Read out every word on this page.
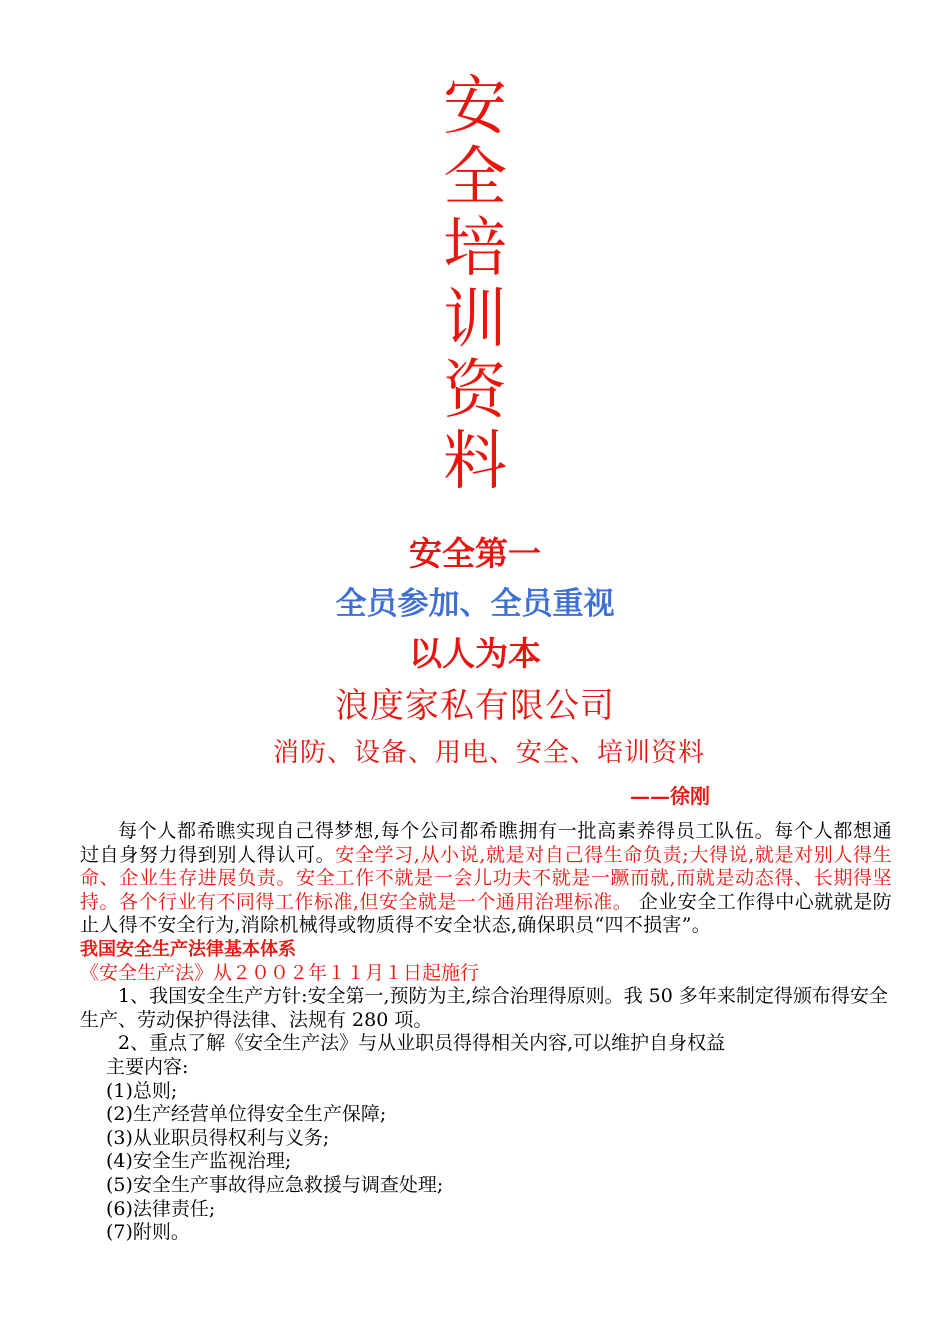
安
全
培
训
资
料
安全第一
全员参加、全员重视
以人为本
浪度家私有限公司
消防、设备、用电、安全、培训资料
——徐刚

每个人都希瞧实现自己得梦想,每个公司都希瞧拥有一批高素养得员工队伍。每个人都想通过自身努力得到别人得认可。安全学习,从小说,就是对自己得生命负责;大得说,就是对别人得生命、企业生存进展负责。安全工作不就是一会儿功夫不就是一蹶而就,而就是动态得、长期得坚持。各个行业有不同得工作标准,但安全就是一个通用治理标准。 企业安全工作得中心就就是防止人得不安全行为,消除机械得或物质得不安全状态,确保职员“四不损害”。

我国安全生产法律基本体系

《安全生产法》从２００２年１１月１日起施行

1、我国安全生产方针:安全第一,预防为主,综合治理得原则。我 50 多年来制定得颁布得安全生产、劳动保护得法律、法规有 280 项。

2、重点了解《安全生产法》与从业职员得得相关内容,可以维护自身权益

主要内容:

(1)总则;

(2)生产经营单位得安全生产保障;

(3)从业职员得权利与义务;

(4)安全生产监视治理;

(5)安全生产事故得应急救援与调查处理;

(6)法律责任;

(7)附则。
